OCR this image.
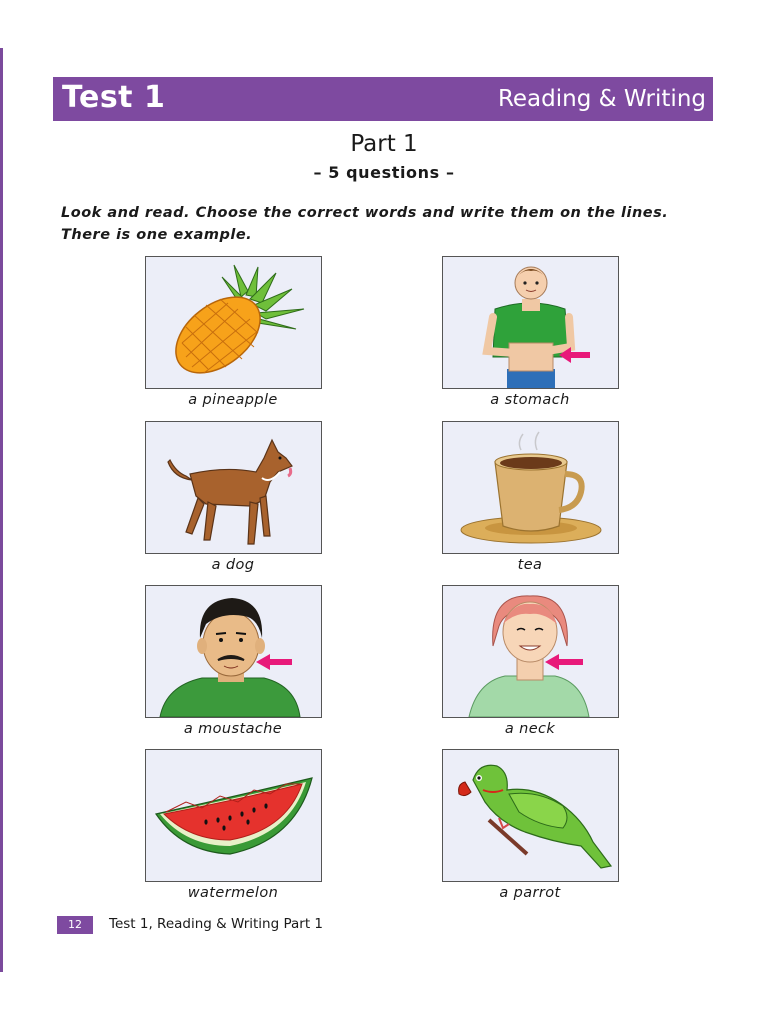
Test 1	Reading & Writing
Part 1
– 5 questions –
Look and read. Choose the correct words and write them on the lines.
There is one example.
a pineapple	a stomach
a dog	tea
a moustache	a neck
watermelon	a parrot
12	Test 1, Reading & Writing Part 1
